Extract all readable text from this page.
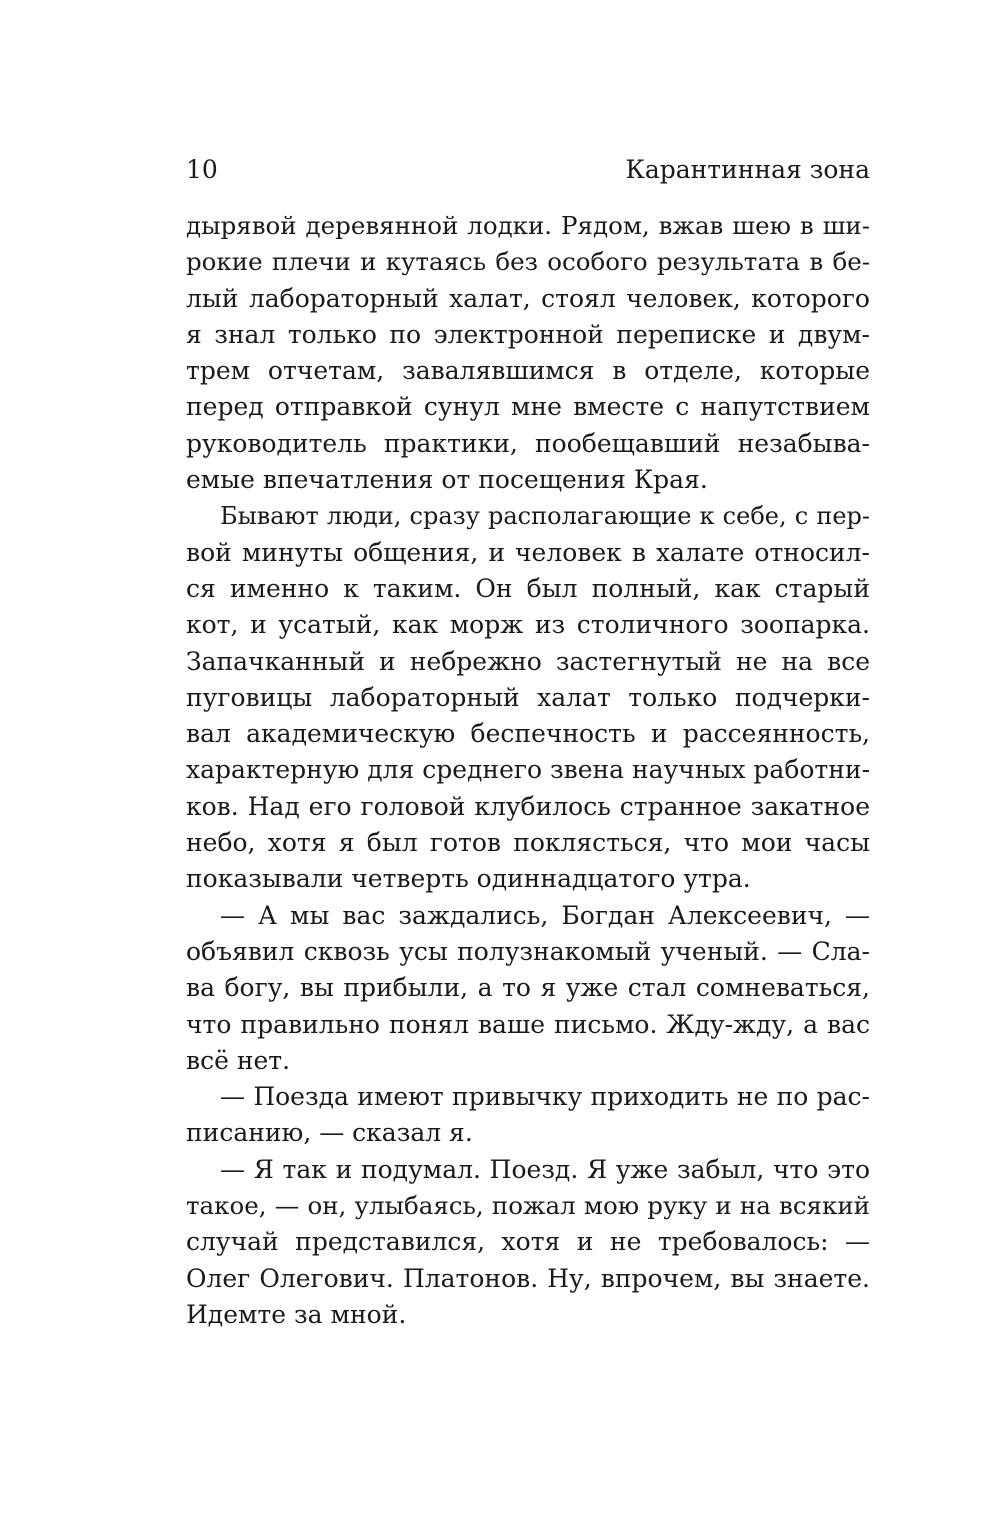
10	Карантинная зона
дырявой деревянной лодки. Рядом, вжав шею в ши-
рокие плечи и кутаясь без особого результата в бе-
лый лабораторный халат, стоял человек, которого
я знал только по электронной переписке и двум-
трем отчетам, завалявшимся в отделе, которые
перед отправкой сунул мне вместе с напутствием
руководитель практики, пообещавший незабыва-
емые впечатления от посещения Края.
Бывают люди, сразу располагающие к себе, с пер-
вой минуты общения, и человек в халате относил-
ся именно к таким. Он был полный, как старый
кот, и усатый, как морж из столичного зоопарка.
Запачканный и небрежно застегнутый не на все
пуговицы лабораторный халат только подчерки-
вал академическую беспечность и рассеянность,
характерную для среднего звена научных работни-
ков. Над его головой клубилось странное закатное
небо, хотя я был готов поклясться, что мои часы
показывали четверть одиннадцатого утра.
— А мы вас заждались, Богдан Алексеевич, —
объявил сквозь усы полузнакомый ученый. — Сла-
ва богу, вы прибыли, а то я уже стал сомневаться,
что правильно понял ваше письмо. Жду-жду, а вас
всё нет.
— Поезда имеют привычку приходить не по рас-
писанию, — сказал я.
— Я так и подумал. Поезд. Я уже забыл, что это
такое, — он, улыбаясь, пожал мою руку и на всякий
случай представился, хотя и не требовалось: —
Олег Олегович. Платонов. Ну, впрочем, вы знаете.
Идемте за мной.
